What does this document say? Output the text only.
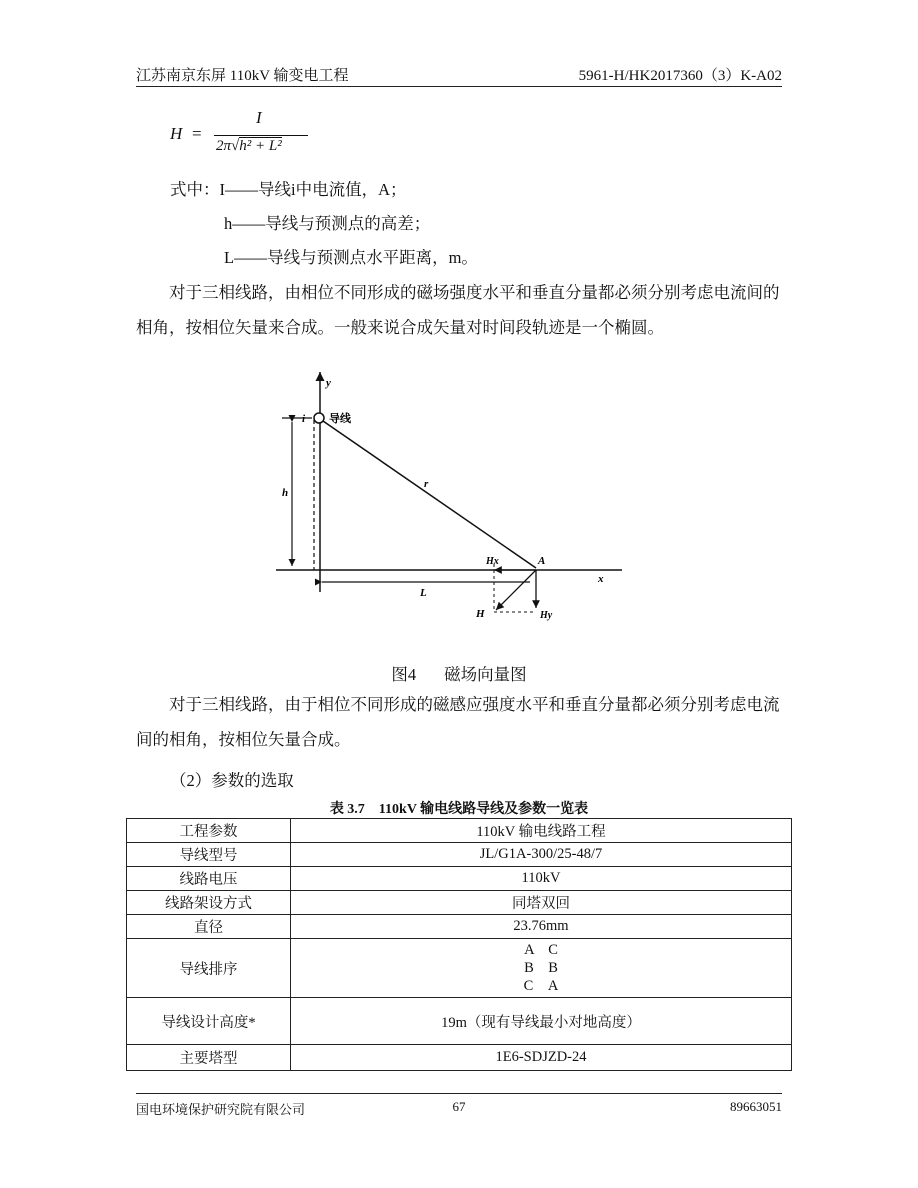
江苏南京东屏 110kV 输变电工程	5961-H/HK2017360（3）K-A02
H =
I
2π√h² + L²
式中：I——导线i中电流值，A；
h——导线与预测点的高差；
L——导线与预测点水平距离，m。
对于三相线路，由相位不同形成的磁场强度水平和垂直分量都必须分别考虑电流间的相角，按相位矢量来合成。一般来说合成矢量对时间段轨迹是一个椭圆。
y
i 导线
h
r
L
A
x
Hx
Hy
H
图4 磁场向量图
对于三相线路，由于相位不同形成的磁感应强度水平和垂直分量都必须分别考虑电流间的相角，按相位矢量合成。
（2）参数的选取
表 3.7　110kV 输电线路导线及参数一览表
工程参数	110kV 输电线路工程
导线型号	JL/G1A-300/25-48/7
线路电压	110kV
线路架设方式	同塔双回
直径	23.76mm
导线排序	A　C
B　B
C　A
导线设计高度*	19m（现有导线最小对地高度）
主要塔型	1E6-SDJZD-24
国电环境保护研究院有限公司	67	89663051
